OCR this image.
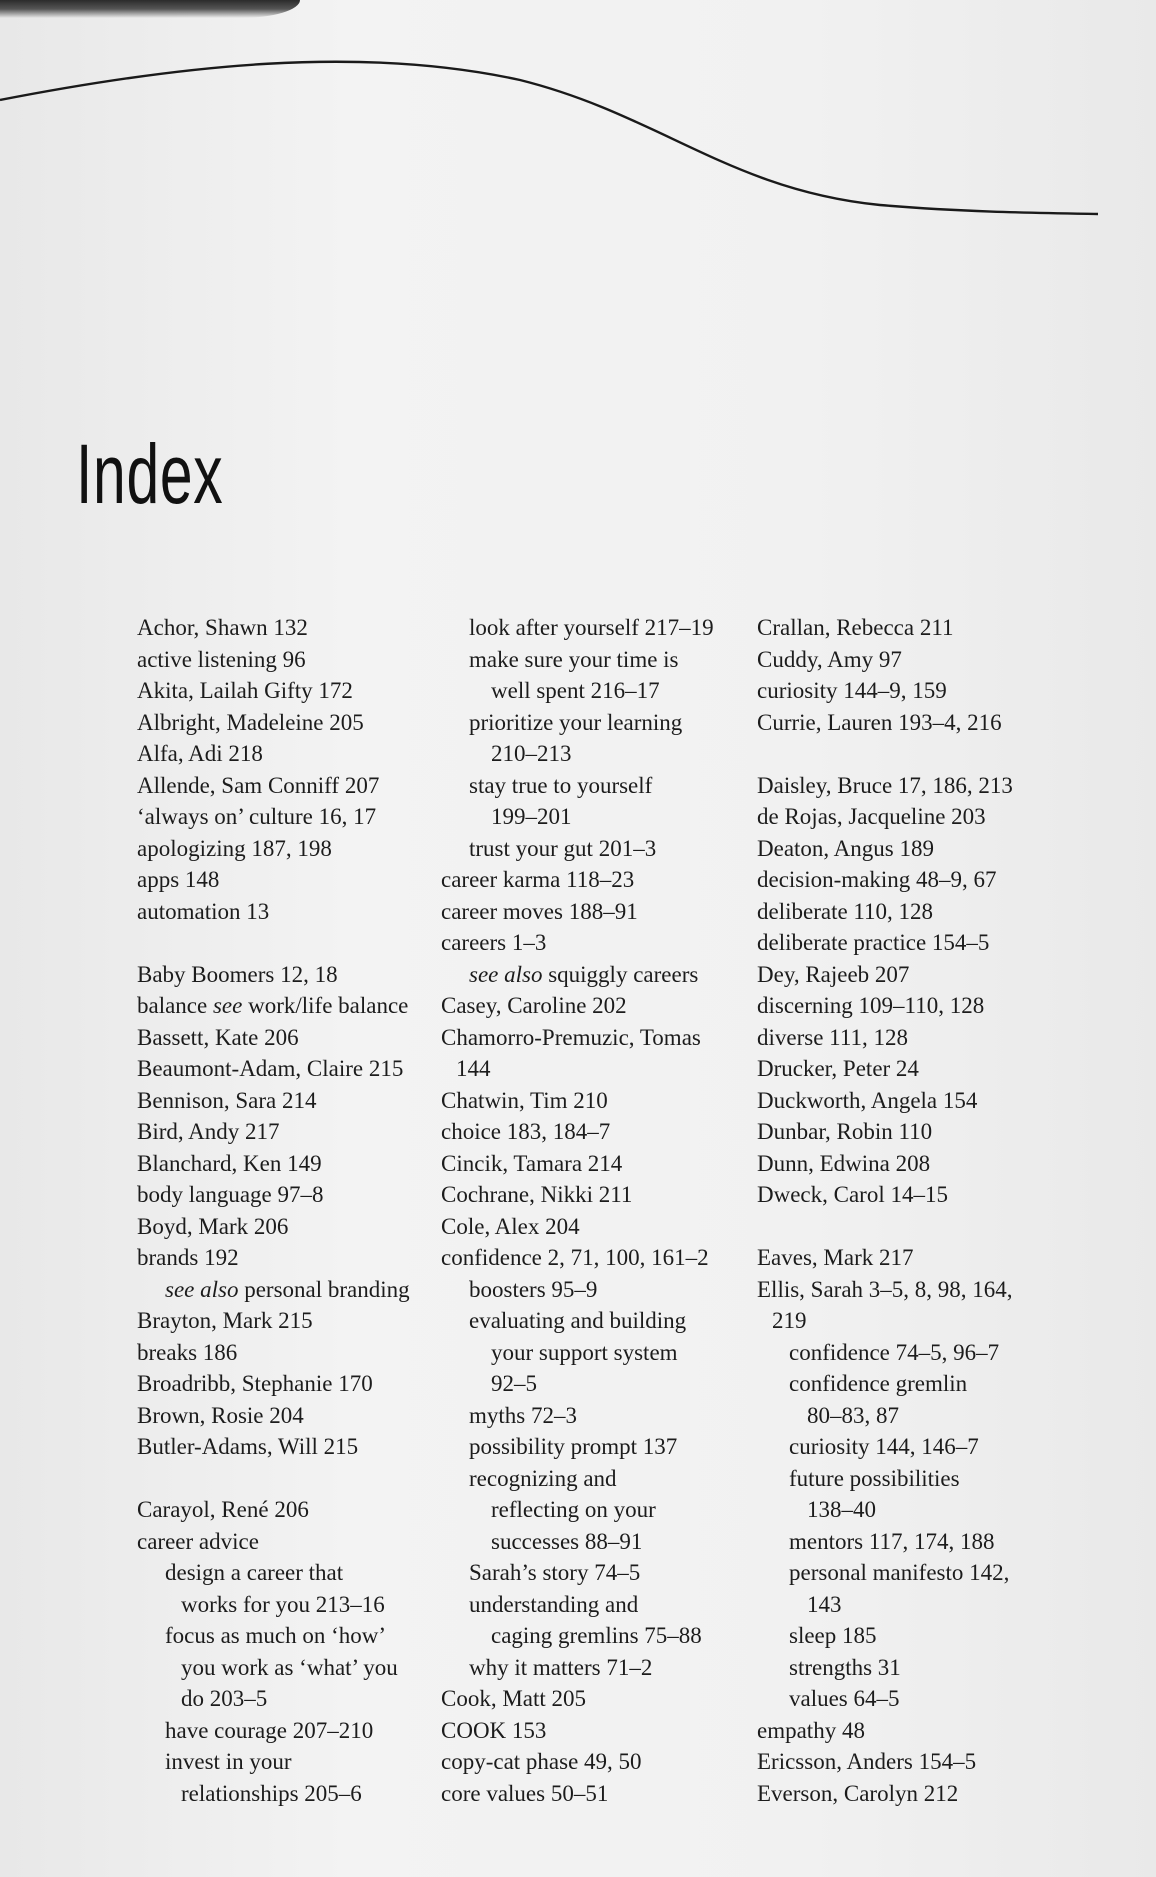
Index
Achor, Shawn 132
active listening 96
Akita, Lailah Gifty 172
Albright, Madeleine 205
Alfa, Adi 218
Allende, Sam Conniff 207
‘always on’ culture 16, 17
apologizing 187, 198
apps 148
automation 13
Baby Boomers 12, 18
balance see work/life balance
Bassett, Kate 206
Beaumont-Adam, Claire 215
Bennison, Sara 214
Bird, Andy 217
Blanchard, Ken 149
body language 97–8
Boyd, Mark 206
brands 192
see also personal branding
Brayton, Mark 215
breaks 186
Broadribb, Stephanie 170
Brown, Rosie 204
Butler-Adams, Will 215
Carayol, René 206
career advice
design a career that
works for you 213–16
focus as much on ‘how’
you work as ‘what’ you
do 203–5
have courage 207–210
invest in your
relationships 205–6
look after yourself 217–19
make sure your time is
well spent 216–17
prioritize your learning
210–213
stay true to yourself
199–201
trust your gut 201–3
career karma 118–23
career moves 188–91
careers 1–3
see also squiggly careers
Casey, Caroline 202
Chamorro-Premuzic, Tomas
144
Chatwin, Tim 210
choice 183, 184–7
Cincik, Tamara 214
Cochrane, Nikki 211
Cole, Alex 204
confidence 2, 71, 100, 161–2
boosters 95–9
evaluating and building
your support system
92–5
myths 72–3
possibility prompt 137
recognizing and
reflecting on your
successes 88–91
Sarah’s story 74–5
understanding and
caging gremlins 75–88
why it matters 71–2
Cook, Matt 205
COOK 153
copy-cat phase 49, 50
core values 50–51
Crallan, Rebecca 211
Cuddy, Amy 97
curiosity 144–9, 159
Currie, Lauren 193–4, 216
Daisley, Bruce 17, 186, 213
de Rojas, Jacqueline 203
Deaton, Angus 189
decision-making 48–9, 67
deliberate 110, 128
deliberate practice 154–5
Dey, Rajeeb 207
discerning 109–110, 128
diverse 111, 128
Drucker, Peter 24
Duckworth, Angela 154
Dunbar, Robin 110
Dunn, Edwina 208
Dweck, Carol 14–15
Eaves, Mark 217
Ellis, Sarah 3–5, 8, 98, 164,
219
confidence 74–5, 96–7
confidence gremlin
80–83, 87
curiosity 144, 146–7
future possibilities
138–40
mentors 117, 174, 188
personal manifesto 142,
143
sleep 185
strengths 31
values 64–5
empathy 48
Ericsson, Anders 154–5
Everson, Carolyn 212
